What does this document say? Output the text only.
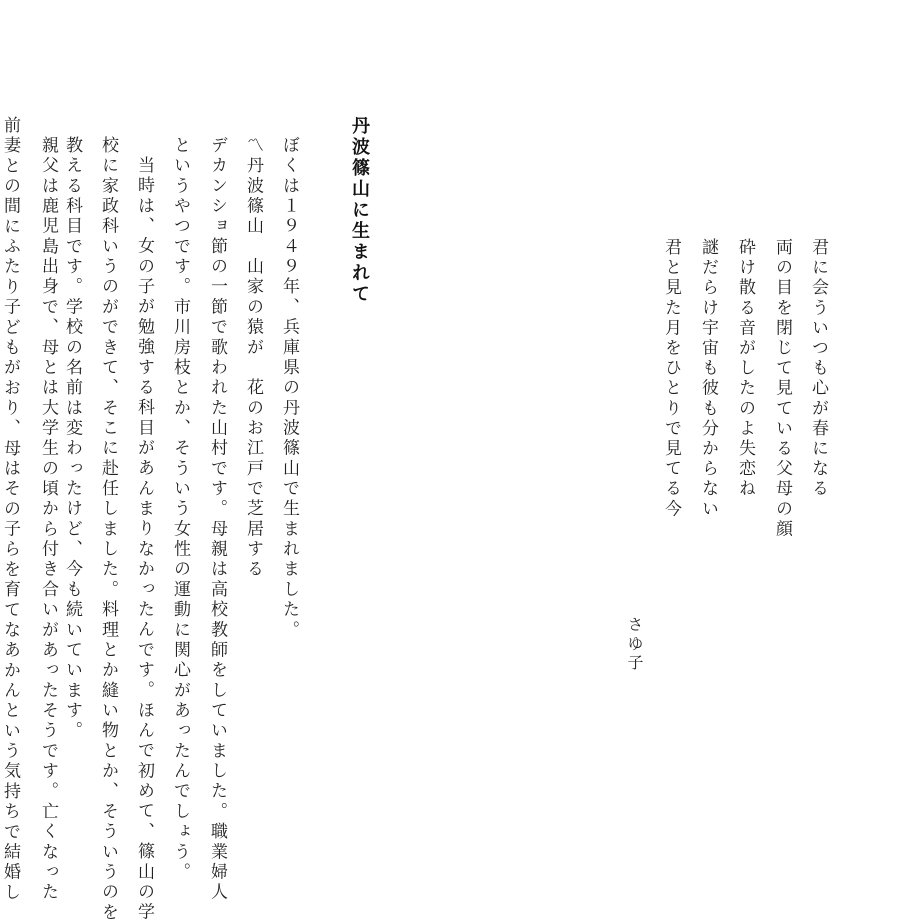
君に会ういつも心が春になる
両の目を閉じて見ている父母の顔
砕け散る音がしたのよ失恋ね
謎だらけ宇宙も彼も分からない
君と見た月をひとりで見てる今
さゆ子
丹波篠山に生まれて
ぼくは１９４９年、兵庫県の丹波篠山で生まれました。
〽丹波篠山　山家の猿が　花のお江戸で芝居する
デカンショ節の一節で歌われた山村です。母親は高校教師をしていました。職業婦人
というやつです。市川房枝とか、そういう女性の運動に関心があったんでしょう。
当時は、女の子が勉強する科目があんまりなかったんです。ほんで初めて、篠山の学
校に家政科いうのができて、そこに赴任しました。料理とか縫い物とか、そういうのを
教える科目です。学校の名前は変わったけど、今も続いています。
親父は鹿児島出身で、母とは大学生の頃から付き合いがあったそうです。亡くなった
前妻との間にふたり子どもがおり、母はその子らを育てなあかんという気持ちで結婚し
